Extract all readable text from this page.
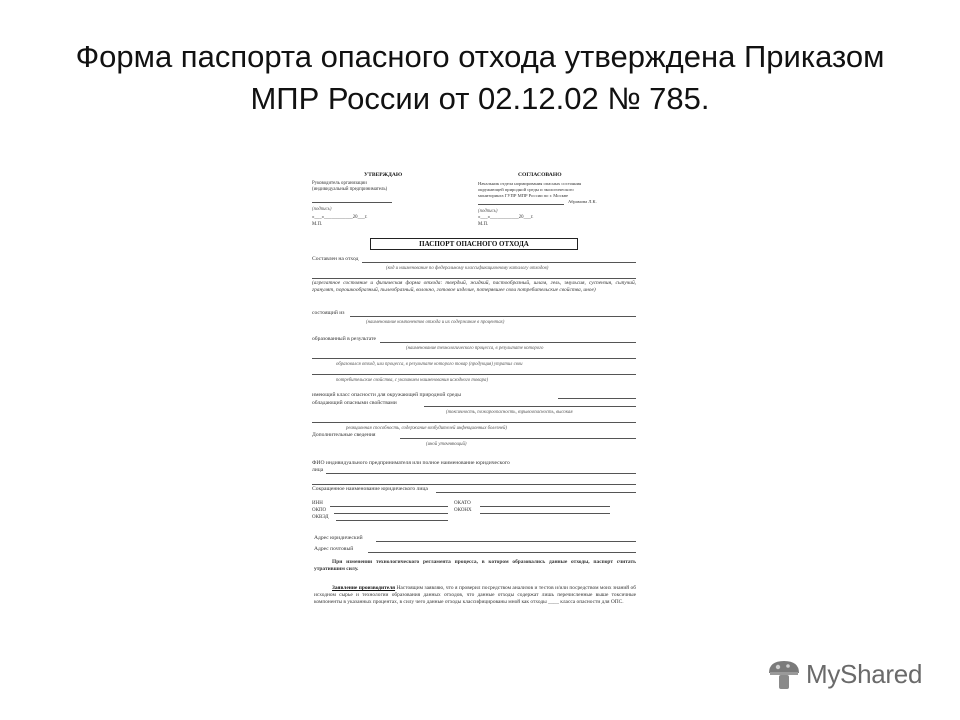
Форма паспорта опасного отхода утверждена Приказом
МПР России от 02.12.02 № 785.
УТВЕРЖДАЮ
Руководитель организации
(индивидуальный предприниматель)
(подпись)
«___»____________20___г.
М.П.
СОГЛАСОВАНО
Начальник отдела нормирования опасных состояния
окружающей природной среды и экологического
мониторинга ГУПР МПР России по г. Москве
Абрамова Л.К.
(подпись)
«___»____________20___г.
М.П.
ПАСПОРТ ОПАСНОГО ОТХОДА
Составлен на отход
(код и наименование по федеральному классификационному каталогу отходов)
(агрегатное состояние и физическая форма отхода: твердый, жидкий, пастообразный, шлам, гель, эмульсия, суспензия, сыпучий, гранулят, порошкообразный, пылеобразный, волокно, готовое изделие, потерявшее свои потребительские свойства, иное)
состоящий из
(наименование компонентов отхода и их содержание в процентах)
образованный в результате
(наименование технологического процесса, в результате которого
образовался отход, или процесса, в результате которого товар (продукция) утратил свои
потребительские свойства, с указанием наименования исходного товара)
имеющий класс опасности для окружающей природной среды
обладающий опасными свойствами
(токсичность, пожароопасность, взрывоопасность, высокая
реакционная способность, содержание возбудителей инфекционных болезней)
Дополнительные сведения
(иной уточняющий)
ФИО индивидуального предпринимателя или полное наименование юридического
лица
Сокращенное наименование юридического лица
ИНН
ОКПО
ОКВЭД
ОКАТО
ОКОНХ
Адрес юридический
Адрес почтовый
При изменении технологического регламента процесса, в котором образовались данные отходы, паспорт считать утратившим силу.
Заявление производителя Настоящим заявляю, что я проверил посредством анализов и тестов и/или посредством моих знаний об исходном сырье и технологии образования данных отходов, что данные отходы содержат лишь перечисленные выше токсичные компоненты в указанных процентах, в силу чего данные отходы классифицированы мной как отходы ____ класса опасности для ОПС.
MyShared
